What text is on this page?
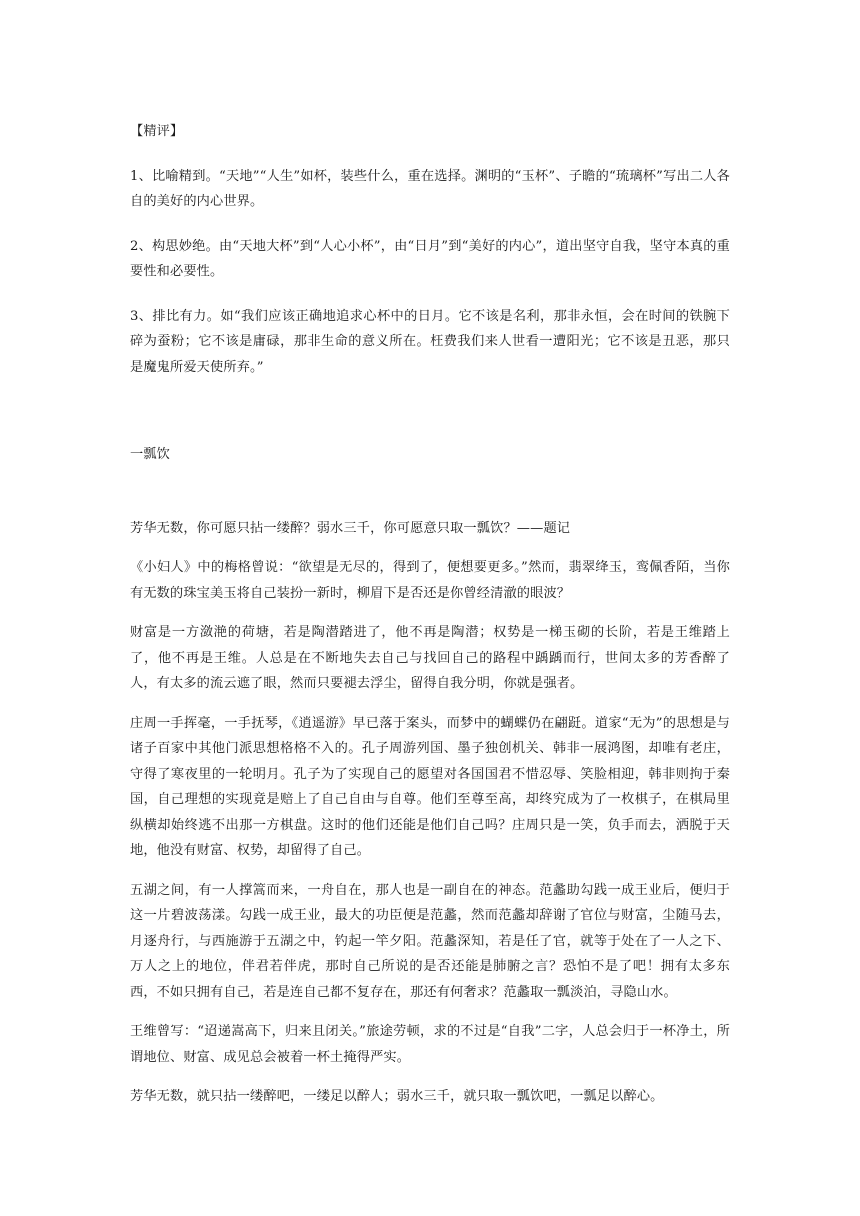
【精评】

1、比喻精到。“天地”“人生”如杯，装些什么，重在选择。渊明的“玉杯”、子瞻的“琉璃杯”写出二人各自的美好的内心世界。

2、构思妙绝。由“天地大杯”到“人心小杯”，由“日月”到“美好的内心”，道出坚守自我，坚守本真的重要性和必要性。

3、排比有力。如“我们应该正确地追求心杯中的日月。它不该是名利，那非永恒，会在时间的铁腕下碎为蚕粉；它不该是庸碌，那非生命的意义所在。枉费我们来人世看一遭阳光；它不该是丑恶，那只是魔鬼所爱天使所弃。”

一瓢饮

芳华无数，你可愿只拈一缕醉？弱水三千，你可愿意只取一瓢饮？——题记

《小妇人》中的梅格曾说：“欲望是无尽的，得到了，便想要更多。”然而，翡翠绛玉，鸾佩香陌，当你有无数的珠宝美玉将自己装扮一新时，柳眉下是否还是你曾经清澈的眼波？

财富是一方潋滟的荷塘，若是陶潜踏进了，他不再是陶潜；权势是一梯玉砌的长阶，若是王维踏上了，他不再是王维。人总是在不断地失去自己与找回自己的路程中踽踽而行，世间太多的芳香醉了人，有太多的流云遮了眼，然而只要褪去浮尘，留得自我分明，你就是强者。

庄周一手挥毫，一手抚琴，《逍遥游》早已落于案头，而梦中的蝴蝶仍在翩跹。道家“无为”的思想是与诸子百家中其他门派思想格格不入的。孔子周游列国、墨子独创机关、韩非一展鸿图，却唯有老庄，守得了寒夜里的一轮明月。孔子为了实现自己的愿望对各国国君不惜忍辱、笑脸相迎，韩非则拘于秦国，自己理想的实现竟是赔上了自己自由与自尊。他们至尊至高，却终究成为了一枚棋子，在棋局里纵横却始终逃不出那一方棋盘。这时的他们还能是他们自己吗？庄周只是一笑，负手而去，洒脱于天地，他没有财富、权势，却留得了自己。

五湖之间，有一人撑篙而来，一舟自在，那人也是一副自在的神态。范蠡助勾践一成王业后，便归于这一片碧波荡漾。勾践一成王业，最大的功臣便是范蠡，然而范蠡却辞谢了官位与财富，尘随马去，月逐舟行，与西施游于五湖之中，钓起一竿夕阳。范蠡深知，若是任了官，就等于处在了一人之下、万人之上的地位，伴君若伴虎，那时自己所说的是否还能是肺腑之言？恐怕不是了吧！拥有太多东西，不如只拥有自己，若是连自己都不复存在，那还有何奢求？范蠡取一瓢淡泊，寻隐山水。

王维曾写：“迢递嵩高下，归来且闭关。”旅途劳顿，求的不过是“自我”二字，人总会归于一杯净土，所谓地位、财富、成见总会被着一杯土掩得严实。

芳华无数，就只拈一缕醉吧，一缕足以醉人；弱水三千，就只取一瓢饮吧，一瓢足以醉心。
